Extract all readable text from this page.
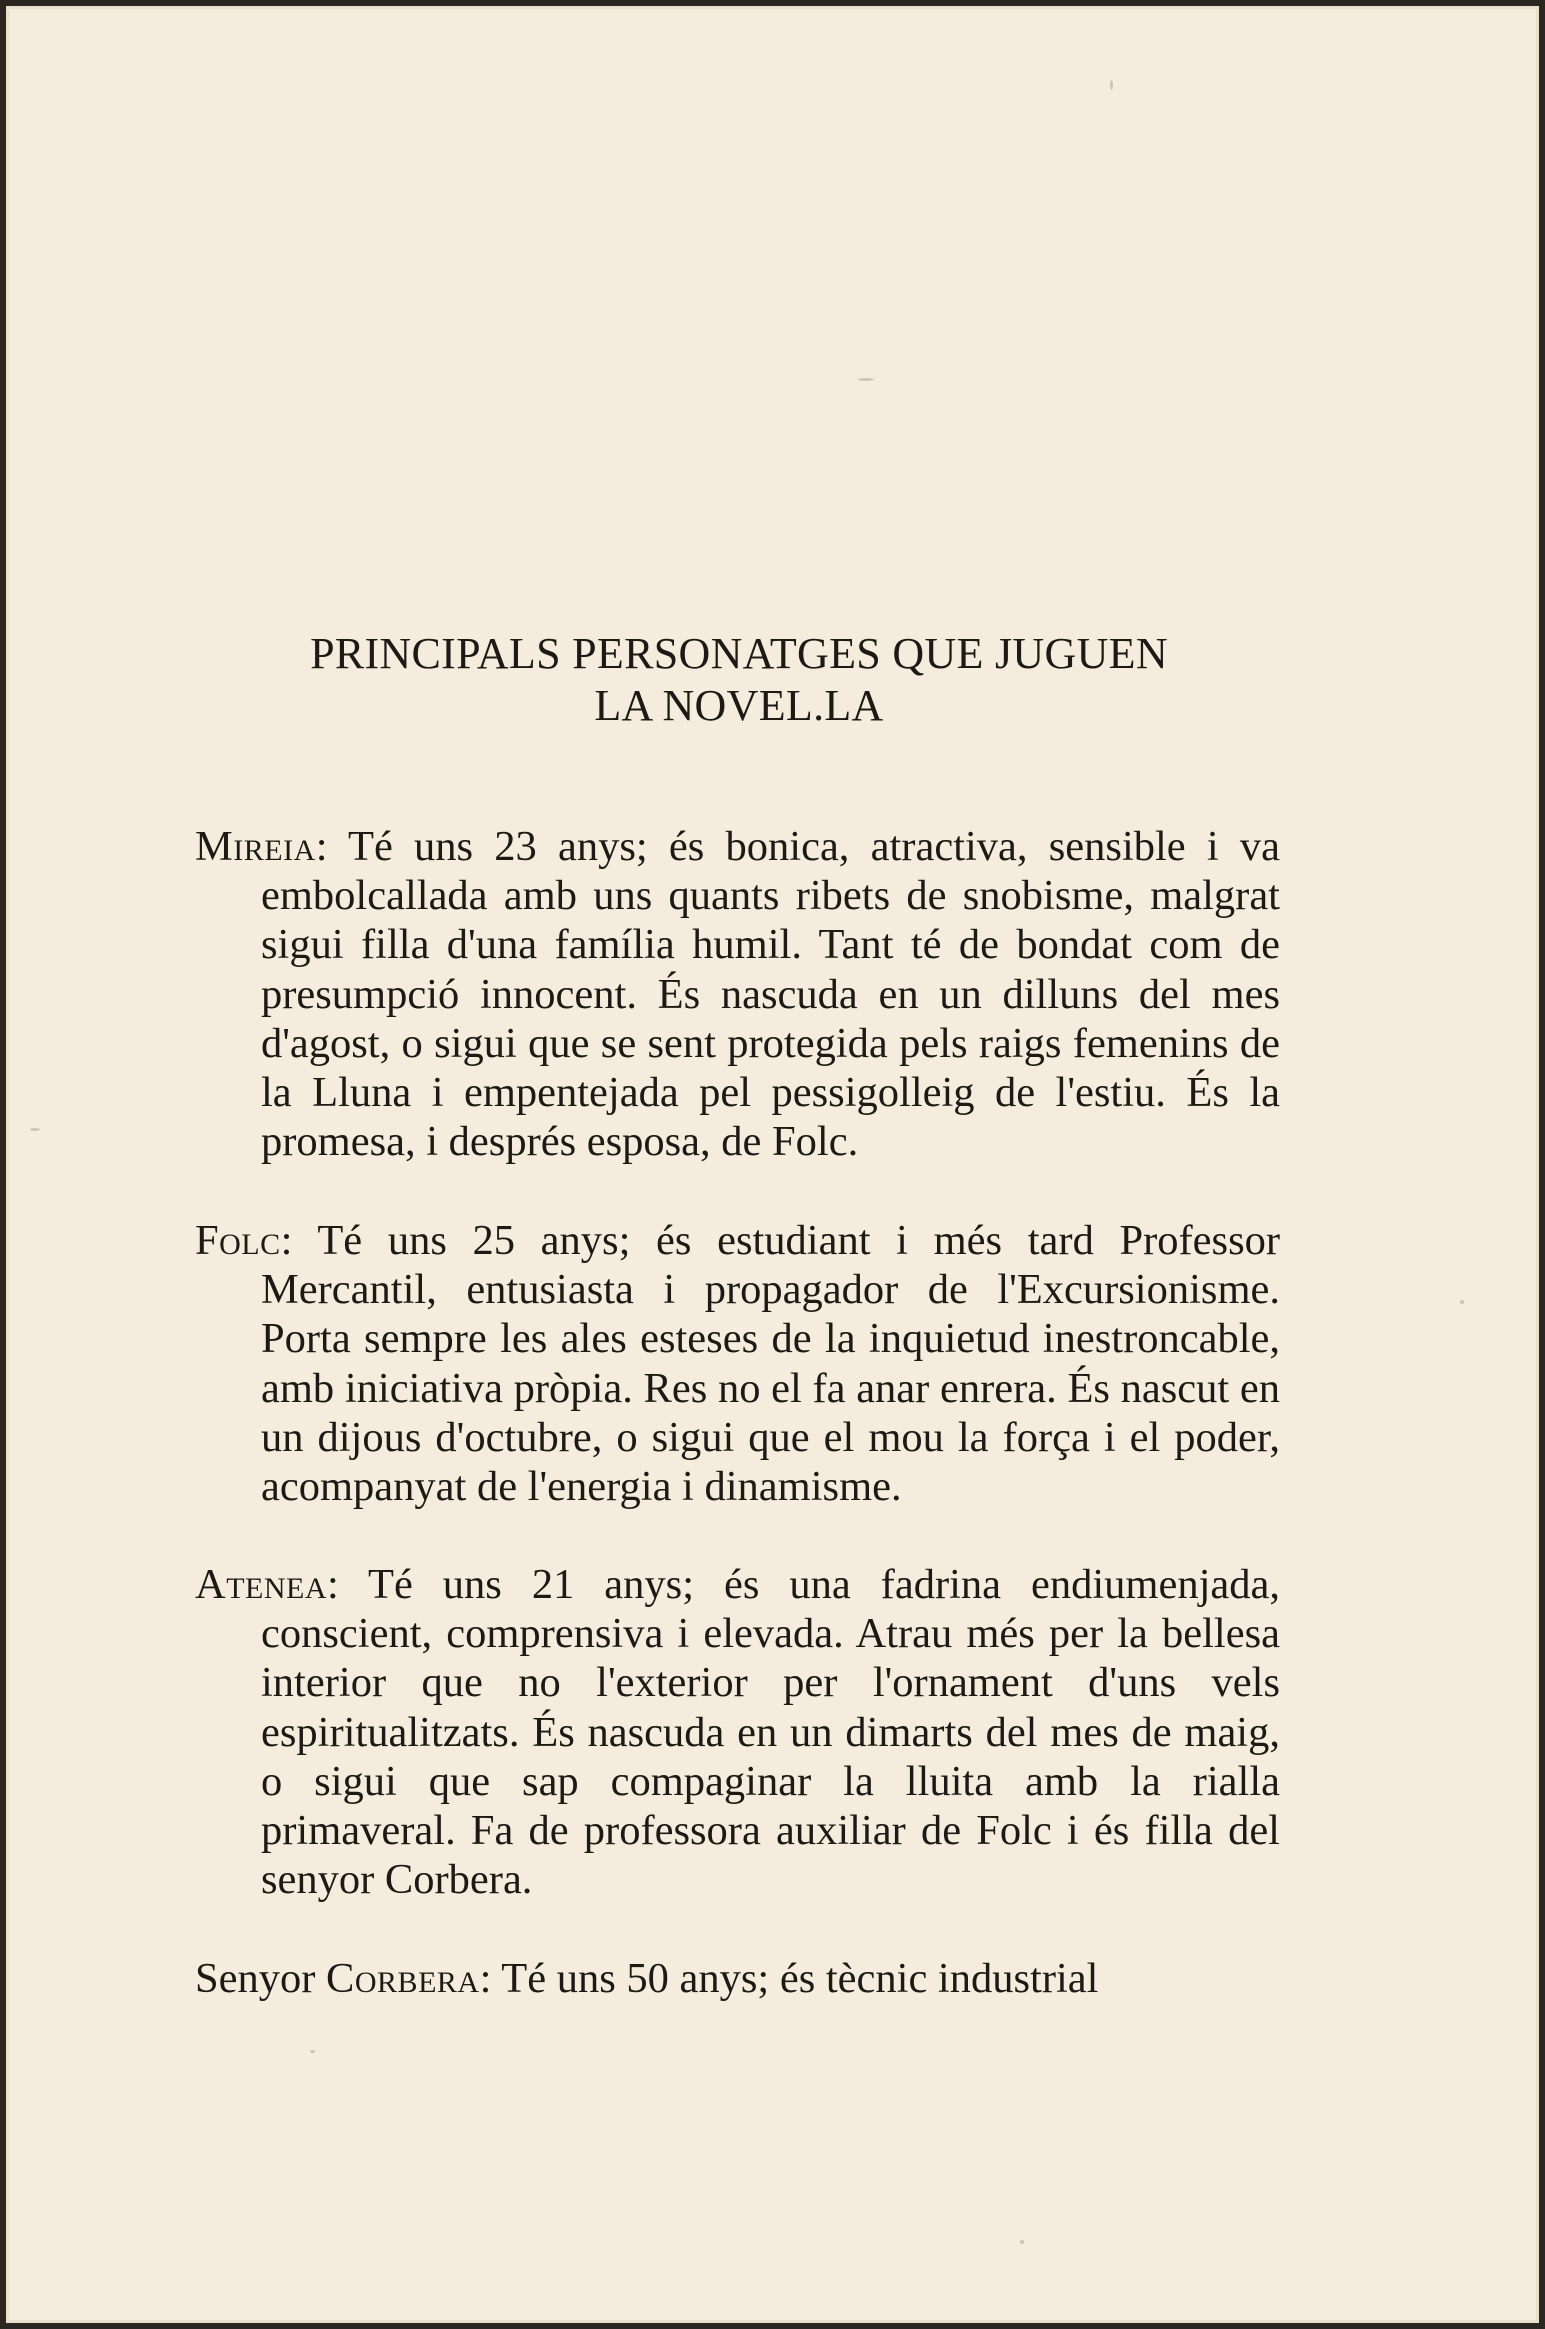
PRINCIPALS PERSONATGES QUE JUGUEN
LA NOVEL.LA

Mireia: Té uns 23 anys; és bonica, atractiva, sensible i va embolcallada amb uns quants ribets de snobisme, malgrat sigui filla d'una família humil. Tant té de bondat com de presumpció innocent. És nascuda en un dilluns del mes d'agost, o sigui que se sent protegida pels raigs femenins de la Lluna i empentejada pel pessigolleig de l'estiu. És la promesa, i després esposa, de Folc.

Folc: Té uns 25 anys; és estudiant i més tard Professor Mercantil, entusiasta i propagador de l'Excursionisme. Porta sempre les ales esteses de la inquietud inestroncable, amb iniciativa pròpia. Res no el fa anar enrera. És nascut en un dijous d'octubre, o sigui que el mou la força i el poder, acompanyat de l'energia i dinamisme.

Atenea: Té uns 21 anys; és una fadrina endiumenjada, conscient, comprensiva i elevada. Atrau més per la bellesa interior que no l'exterior per l'ornament d'uns vels espiritualitzats. És nascuda en un dimarts del mes de maig, o sigui que sap compaginar la lluita amb la rialla primaveral. Fa de professora auxiliar de Folc i és filla del senyor Corbera.

Senyor Corbera: Té uns 50 anys; és tècnic industrial
